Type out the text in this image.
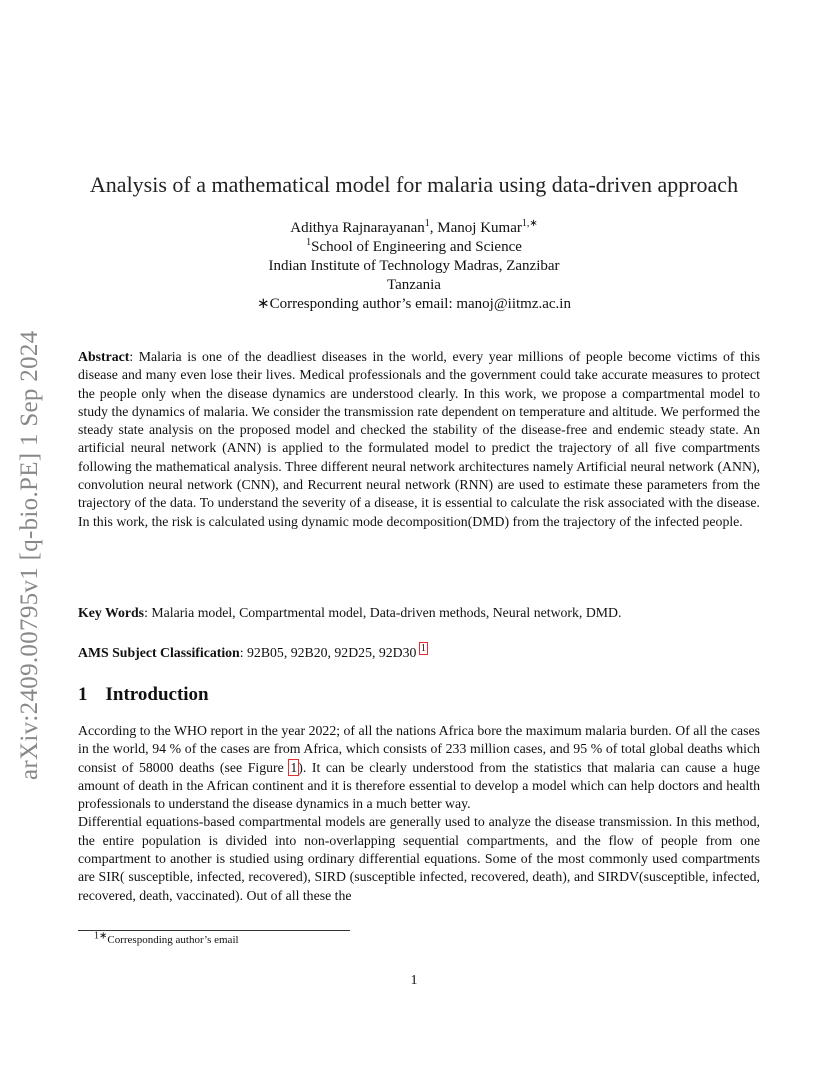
arXiv:2409.00795v1 [q-bio.PE] 1 Sep 2024
Analysis of a mathematical model for malaria using data-driven approach
Adithya Rajnarayanan$^1$, Manoj Kumar$^{1,∗}$
$^1$School of Engineering and Science
Indian Institute of Technology Madras, Zanzibar
Tanzania
∗Corresponding author’s email: manoj@iitmz.ac.in

Abstract: Malaria is one of the deadliest diseases in the world, every year millions of people become victims of this disease and many even lose their lives. Medical professionals and the government could take accurate measures to protect the people only when the disease dynamics are understood clearly. In this work, we propose a compartmental model to study the dynamics of malaria. We consider the transmission rate dependent on temperature and altitude. We performed the steady state analysis on the proposed model and checked the stability of the disease-free and endemic steady state. An artificial neural network (ANN) is applied to the formulated model to predict the trajectory of all five compartments following the mathematical analysis. Three different neural network architectures namely Artificial neural network (ANN), convolution neural network (CNN), and Recurrent neural network (RNN) are used to estimate these parameters from the trajectory of the data. To understand the severity of a disease, it is essential to calculate the risk associated with the disease. In this work, the risk is calculated using dynamic mode decomposition(DMD) from the trajectory of the infected people.

Key Words: Malaria model, Compartmental model, Data-driven methods, Neural network, DMD.

AMS Subject Classification: 92B05, 92B20, 92D25, 92D30 $^1$

1 Introduction

According to the WHO report in the year 2022; of all the nations Africa bore the maximum malaria burden. Of all the cases in the world, 94 % of the cases are from Africa, which consists of 233 million cases, and 95 % of total global deaths which consist of 58000 deaths (see Figure 1). It can be clearly understood from the statistics that malaria can cause a huge amount of death in the African continent and it is therefore essential to develop a model which can help doctors and health professionals to understand the disease dynamics in a much better way.

Differential equations-based compartmental models are generally used to analyze the disease transmission. In this method, the entire population is divided into non-overlapping sequential compartments, and the flow of people from one compartment to another is studied using ordinary differential equations. Some of the most commonly used compartments are SIR( susceptible, infected, recovered), SIRD (susceptible infected, recovered, death), and SIRDV(susceptible, infected, recovered, death, vaccinated). Out of all these the

$^{1∗}$Corresponding author’s email
1
